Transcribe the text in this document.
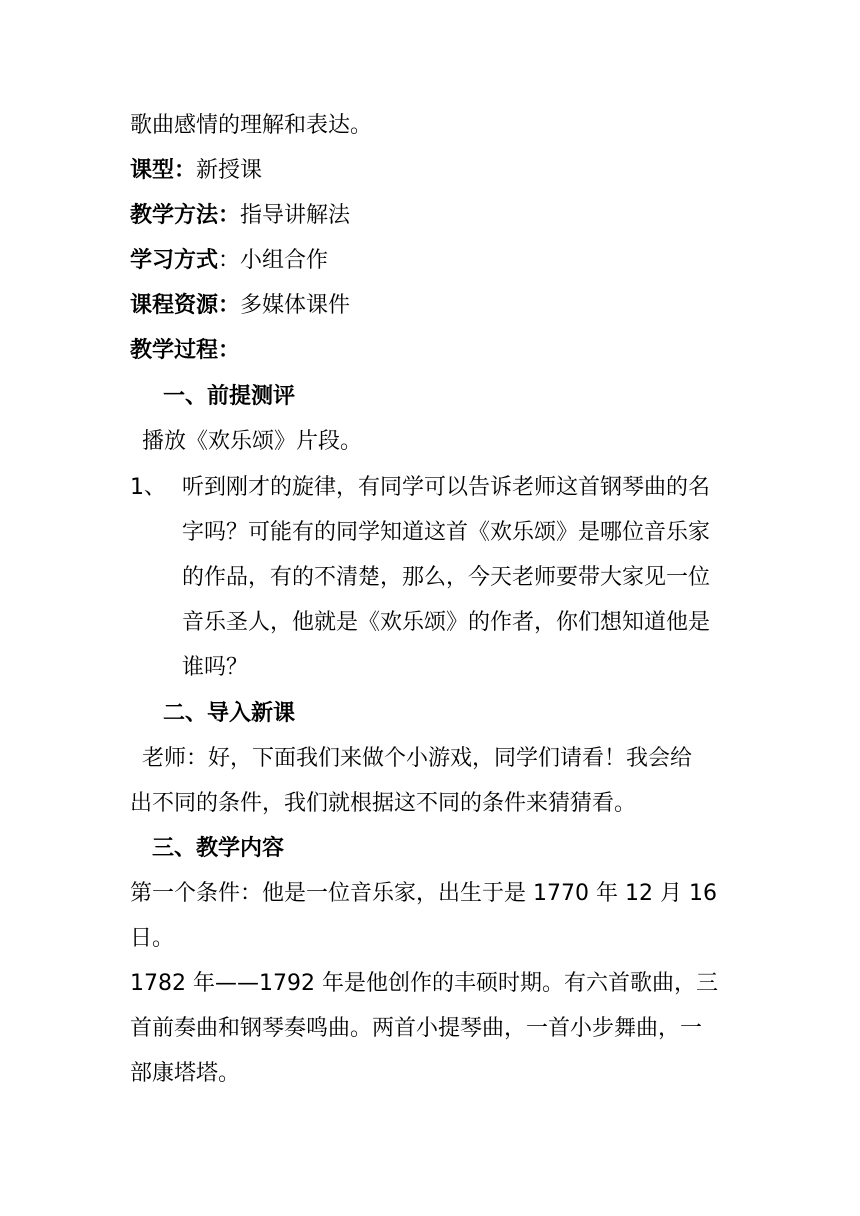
歌曲感情的理解和表达。
课型：新授课
教学方法：指导讲解法
学习方式：小组合作
课程资源：多媒体课件
教学过程：
一、前提测评
播放《欢乐颂》片段。
1、 听到刚才的旋律，有同学可以告诉老师这首钢琴曲的名
字吗？可能有的同学知道这首《欢乐颂》是哪位音乐家
的作品，有的不清楚，那么，今天老师要带大家见一位
音乐圣人，他就是《欢乐颂》的作者，你们想知道他是
谁吗？
二、导入新课
老师：好，下面我们来做个小游戏，同学们请看！我会给
出不同的条件，我们就根据这不同的条件来猜猜看。
三、教学内容
第一个条件：他是一位音乐家，出生于是 1770 年 12 月 16
日。
1782 年——1792 年是他创作的丰硕时期。有六首歌曲，三
首前奏曲和钢琴奏鸣曲。两首小提琴曲，一首小步舞曲，一
部康塔塔。
